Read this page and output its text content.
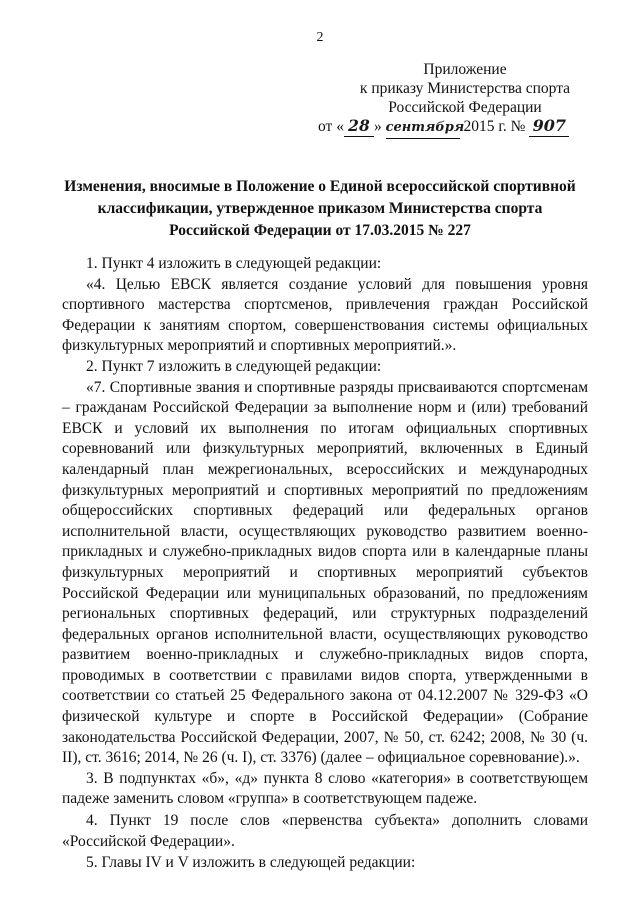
2
Приложение
к приказу Министерства спорта
Российской Федерации
от « 28 » сентября 2015 г. № 907
Изменения, вносимые в Положение о Единой всероссийской спортивной
классификации, утвержденное приказом Министерства спорта
Российской Федерации от 17.03.2015 № 227

1. Пункт 4 изложить в следующей редакции:

«4. Целью ЕВСК является создание условий для повышения уровня спортивного мастерства спортсменов, привлечения граждан Российской Федерации к занятиям спортом, совершенствования системы официальных физкультурных мероприятий и спортивных мероприятий.».

2. Пункт 7 изложить в следующей редакции:

«7. Спортивные звания и спортивные разряды присваиваются спортсменам – гражданам Российской Федерации за выполнение норм и (или) требований ЕВСК и условий их выполнения по итогам официальных спортивных соревнований или физкультурных мероприятий, включенных в Единый календарный план межрегиональных, всероссийских и международных физкультурных мероприятий и спортивных мероприятий по предложениям общероссийских спортивных федераций или федеральных органов исполнительной власти, осуществляющих руководство развитием военно-прикладных и служебно-прикладных видов спорта или в календарные планы физкультурных мероприятий и спортивных мероприятий субъектов Российской Федерации или муниципальных образований, по предложениям региональных спортивных федераций, или структурных подразделений федеральных органов исполнительной власти, осуществляющих руководство развитием военно-прикладных и служебно-прикладных видов спорта, проводимых в соответствии с правилами видов спорта, утвержденными в соответствии со статьей 25 Федерального закона от 04.12.2007 № 329-ФЗ «О физической культуре и спорте в Российской Федерации» (Собрание законодательства Российской Федерации, 2007, № 50, ст. 6242; 2008, № 30 (ч. II), ст. 3616; 2014, № 26 (ч. I), ст. 3376) (далее – официальное соревнование).».

3. В подпунктах «б», «д» пункта 8 слово «категория» в соответствующем падеже заменить словом «группа» в соответствующем падеже.

4. Пункт 19 после слов «первенства субъекта» дополнить словами «Российской Федерации».

5. Главы IV и V изложить в следующей редакции:
